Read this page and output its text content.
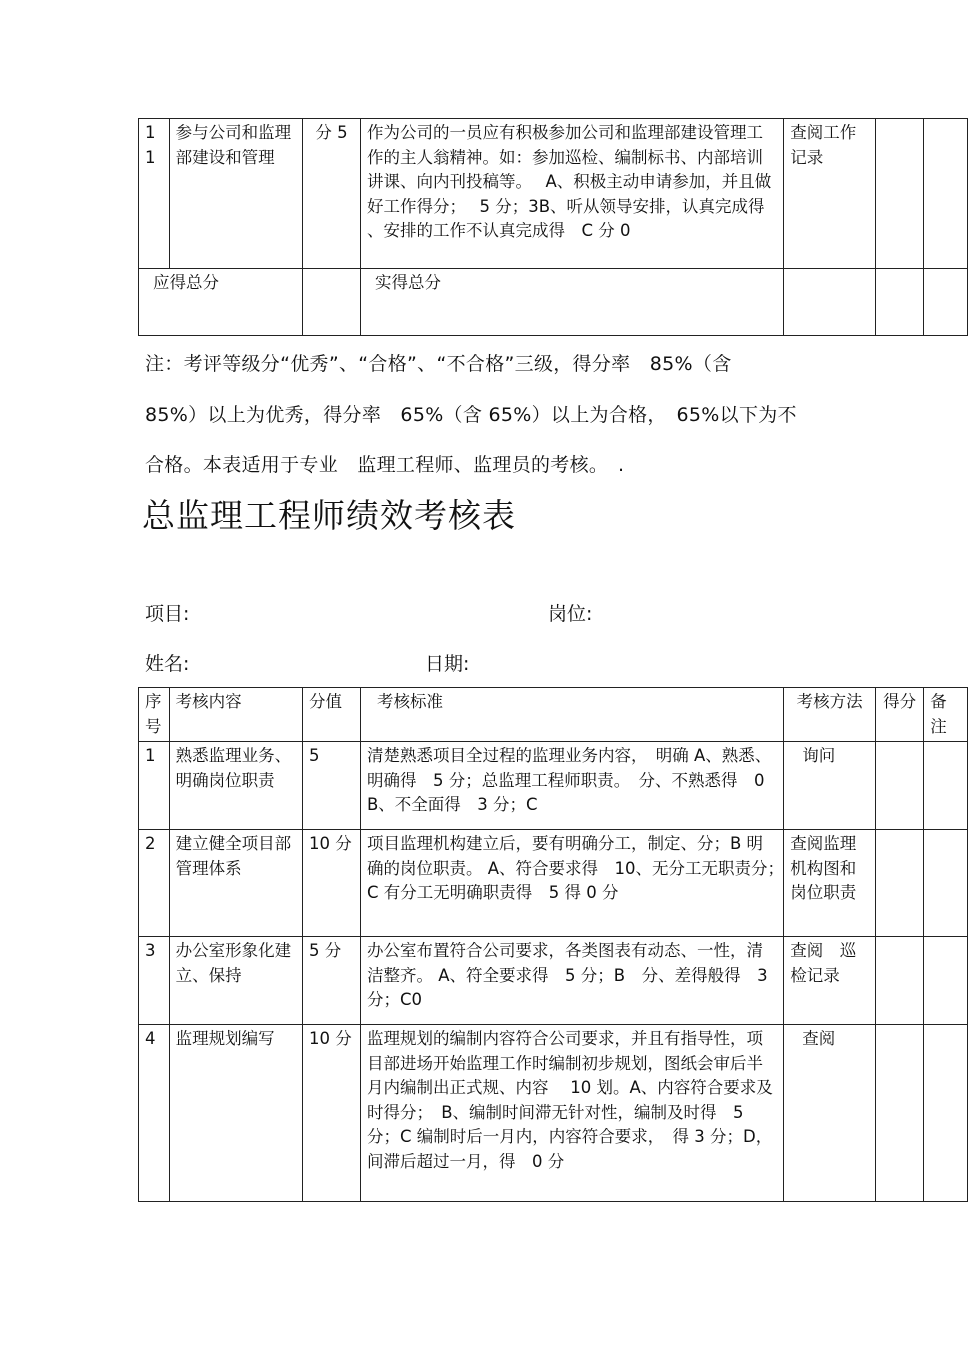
11	参与公司和监理部建设和管理	分 5	作为公司的一员应有积极参加公司和监理部建设管理工作的主人翁精神。如：参加巡检、编制标书、内部培训讲课、向内刊投稿等。　 A、积极主动申请参加，并且做好工作得分；　 5 分；3B、听从领导安排，认真完成得　 、安排的工作不认真完成得　C 分 0	查阅工作记录		
应得总分			实得总分			
注：考评等级分“优秀”、“合格”、“不合格”三级，得分率　85%（含
85%）以上为优秀，得分率　65%（含 65%）以上为合格，　65%以下为不
合格。本表适用于专业　监理工程师、监理员的考核。　.
总监理工程师绩效考核表
项目:	岗位:
姓名:	日期:
序号	考核内容	分值	考核标准	考核方法	得分	备注
1	熟悉监理业务、明确岗位职责	5	清楚熟悉项目全过程的监理业务内容，　明确 A、熟悉、明确得　5 分；总监理工程师职责。　分、不熟悉得　0B、不全面得　3 分；C	询问		
2	建立健全项目部管理体系	10 分	项目监理机构建立后，要有明确分工，制定、分；B 明确的岗位职责。 A、符合要求得　10、无分工无职责分；　C 有分工无明确职责得　5 得 0 分	查阅监理机构图和岗位职责		
3	办公室形象化建立、保持	5 分	办公室布置符合公司要求，各类图表有动态、一性，清洁整齐。 A、符全要求得　5 分；B　分、差得般得　3 分；C0	查阅　巡检记录		
4	监理规划编写	10 分	监理规划的编制内容符合公司要求，并且有指导性，项目部进场开始监理工作时编制初步规划，图纸会审后半月内编制出正式规、内容　 10 划。A、内容符合要求及时得分；　B、编制时间滞无针对性，编制及时得　5 分；C 编制时后一月内，内容符合要求，　得 3 分；D，间滞后超过一月，得　0 分	查阅		
